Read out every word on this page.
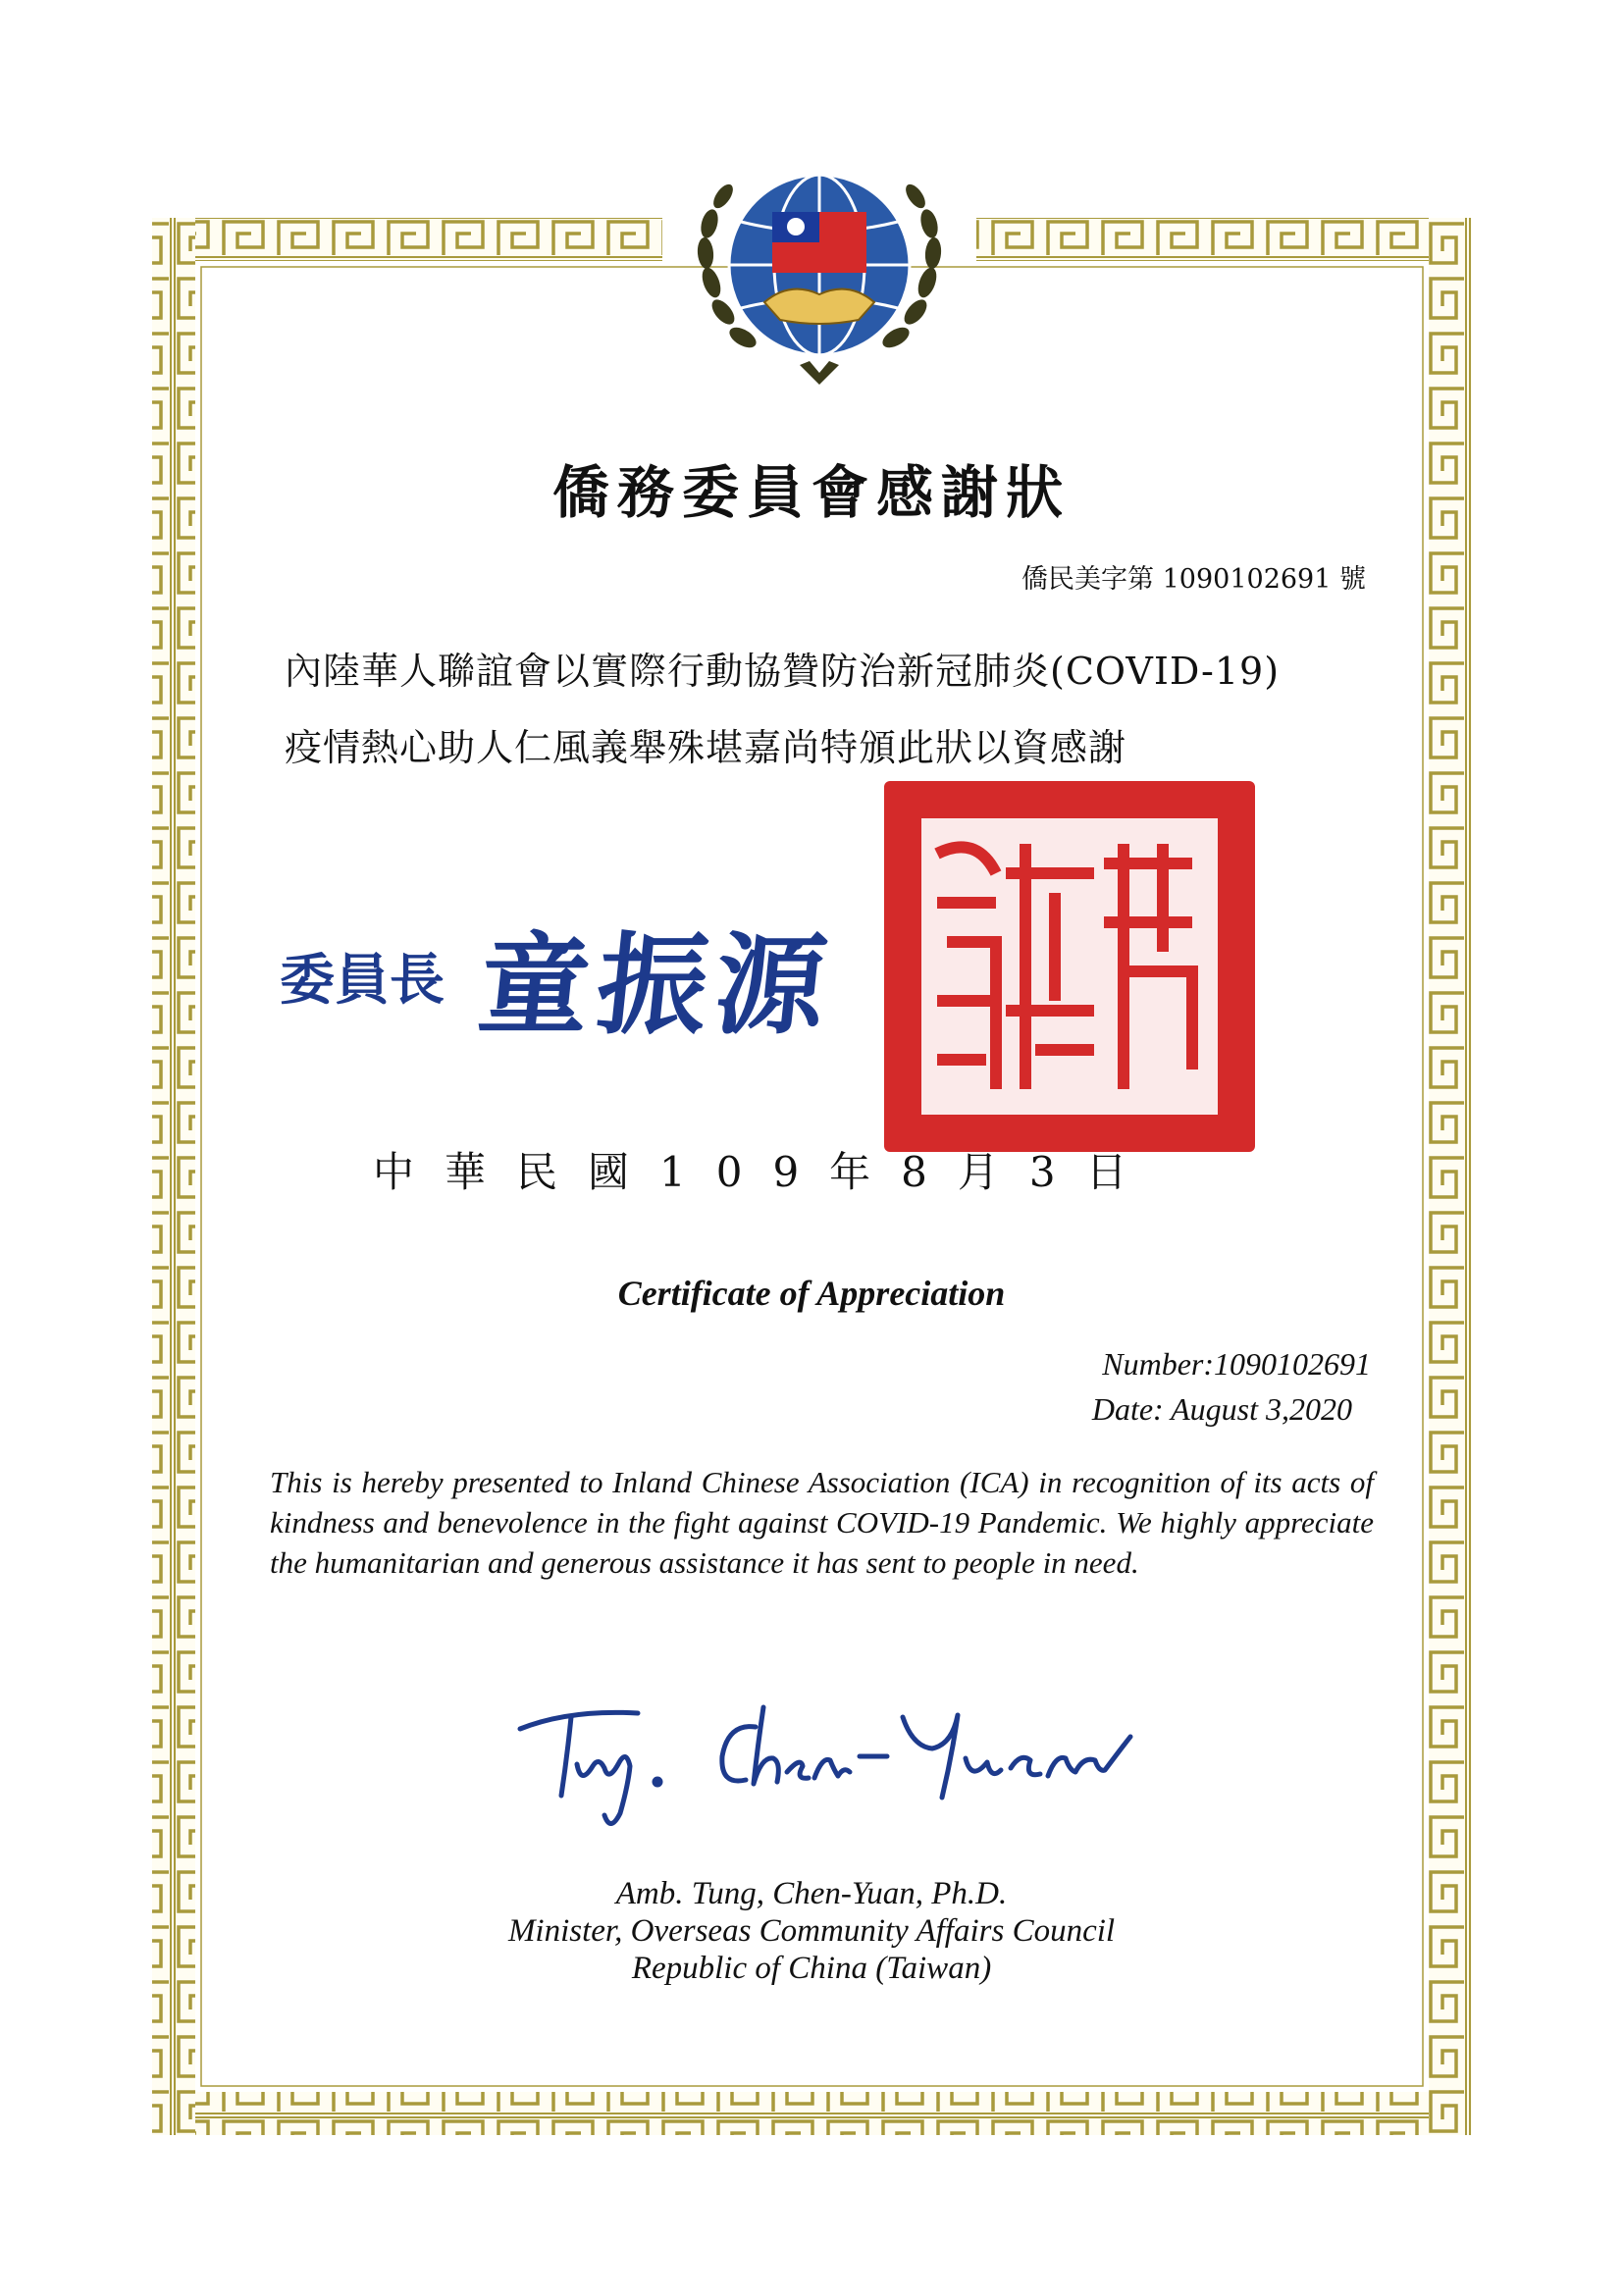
僑務委員會感謝狀
僑民美字第 1090102691 號
內陸華人聯誼會以實際行動協贊防治新冠肺炎(COVID-19)
疫情熱心助人仁風義舉殊堪嘉尚特頒此狀以資感謝
委員長 童振源
中華民國109年8月3日
Certificate of Appreciation
Number:1090102691
Date: August 3,2020
This is hereby presented to Inland Chinese Association (ICA) in recognition of its acts of kindness and benevolence in the fight against COVID-19 Pandemic. We highly appreciate the humanitarian and generous assistance it has sent to people in need.
Amb. Tung, Chen-Yuan, Ph.D.
Minister, Overseas Community Affairs Council
Republic of China (Taiwan)
